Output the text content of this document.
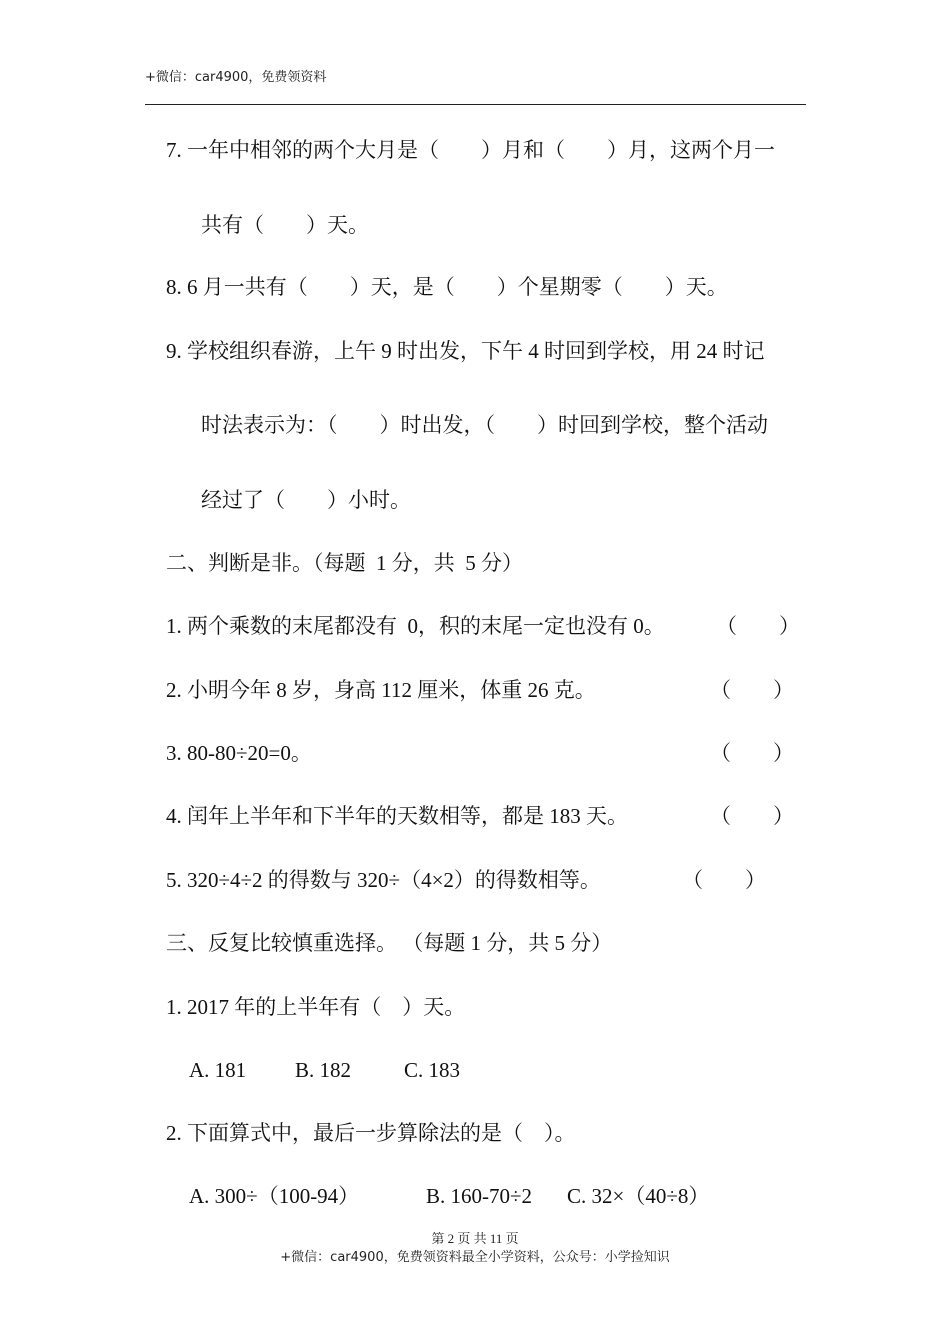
+微信：car4900，免费领资料
7. 一年中相邻的两个大月是（　　）月和（　　）月，这两个月一
共有（　　）天。
8. 6 月一共有（　　）天，是（　　）个星期零（　　）天。
9. 学校组织春游，上午 9 时出发，下午 4 时回到学校，用 24 时记
时法表示为：（　　）时出发，（　　）时回到学校，整个活动
经过了（　　）小时。
二、判断是非。（每题  1 分，共  5 分）
1. 两个乘数的末尾都没有  0，积的末尾一定也没有 0。 （　　）
2. 小明今年 8 岁，身高 112 厘米，体重 26 克。	（　　）
3. 80-80÷20=0。	（　　）
4. 闰年上半年和下半年的天数相等，都是 183 天。	（　　）
5. 320÷4÷2 的得数与 320÷（4×2）的得数相等。	（　　）
三、反复比较慎重选择。 （每题 1 分，共 5 分）
1. 2017 年的上半年有（　）天。
A. 181 B. 182	C. 183
2. 下面算式中，最后一步算除法的是（　）。
A. 300÷（100-94）	B. 160-70÷2 C. 32×（40÷8）
第 2 页 共 11 页
+微信：car4900，免费领资料最全小学资料，公众号：小学捡知识
